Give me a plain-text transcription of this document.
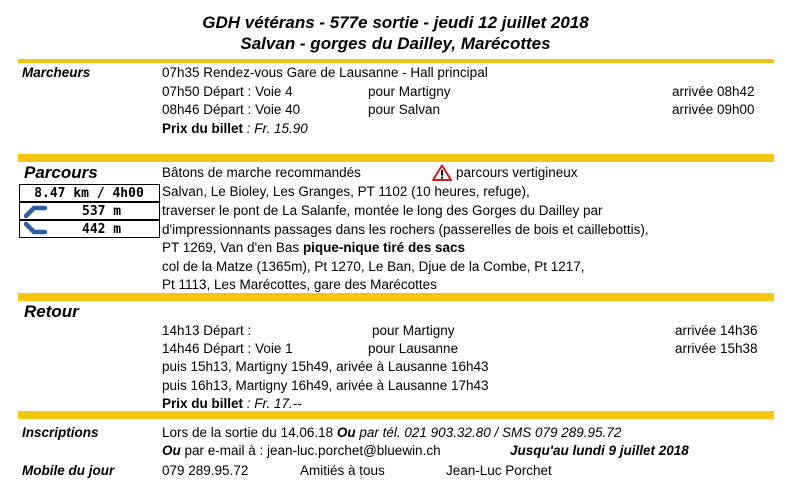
GDH vétérans - 577e sortie - jeudi 12 juillet 2018
Salvan - gorges du Dailley, Marécottes
Marcheurs	07h35 Rendez-vous Gare de Lausanne - Hall principal
07h50 Départ : Voie 4	pour Martigny	arrivée 08h42
08h46 Départ : Voie 40	pour Salvan	arrivée 09h00
Prix du billet : Fr. 15.90
Parcours	Bâtons de marche recommandés	parcours vertigineux
8.47 km / 4h00
537 m
442 m
Salvan, Le Bioley, Les Granges, PT 1102 (10 heures, refuge),
traverser le pont de La Salanfe, montée le long des Gorges du Dailley par
d'impressionnants passages dans les rochers (passerelles de bois et caillebottis),
PT 1269, Van d'en Bas pique-nique tiré des sacs
col de la Matze (1365m), Pt 1270, Le Ban, Djue de la Combe, Pt 1217,
Pt 1113, Les Marécottes, gare des Marécottes
Retour
14h13 Départ :	pour Martigny	arrivée 14h36
14h46 Départ : Voie 1	pour Lausanne	arrivée 15h38
puis 15h13, Martigny 15h49, arivée à Lausanne 16h43
puis 16h13, Martigny 16h49, arivée à Lausanne 17h43
Prix du billet : Fr. 17.--
Inscriptions	Lors de la sortie du 14.06.18 Ou par tél. 021 903.32.80 / SMS 079 289.95.72
Ou par e-mail à : jean-luc.porchet@bluewin.ch	Jusqu'au lundi 9 juillet 2018
Mobile du jour	079 289.95.72	Amitiés à tous	Jean-Luc Porchet
